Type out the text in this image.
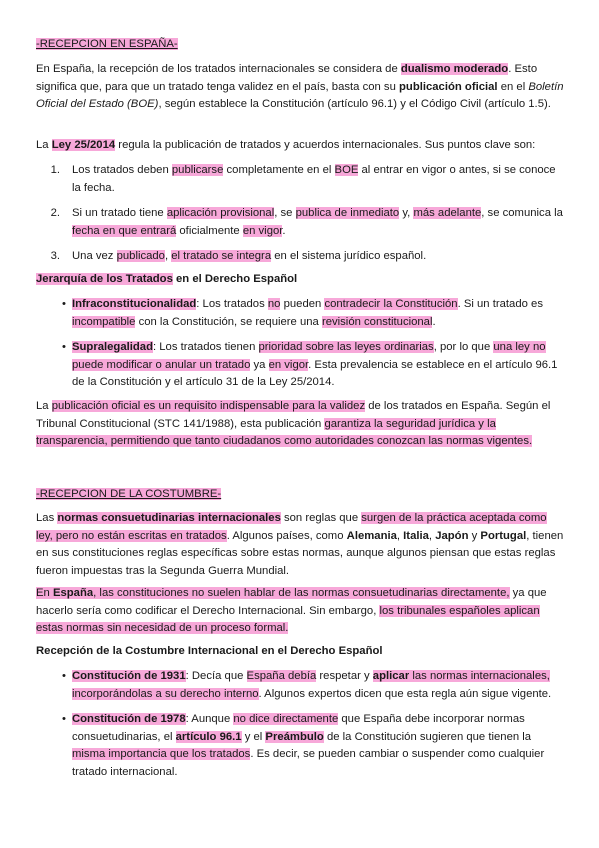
-RECEPCION EN ESPAÑA-
En España, la recepción de los tratados internacionales se considera de dualismo moderado. Esto significa que, para que un tratado tenga validez en el país, basta con su publicación oficial en el Boletín Oficial del Estado (BOE), según establece la Constitución (artículo 96.1) y el Código Civil (artículo 1.5).
La Ley 25/2014 regula la publicación de tratados y acuerdos internacionales. Sus puntos clave son:
1.	Los tratados deben publicarse completamente en el BOE al entrar en vigor o antes, si se conoce la fecha.
2.	Si un tratado tiene aplicación provisional, se publica de inmediato y, más adelante, se comunica la fecha en que entrará oficialmente en vigor.
3.	Una vez publicado, el tratado se integra en el sistema jurídico español.
Jerarquía de los Tratados en el Derecho Español
• Infraconstitucionalidad: Los tratados no pueden contradecir la Constitución. Si un tratado es incompatible con la Constitución, se requiere una revisión constitucional.
• Supralegalidad: Los tratados tienen prioridad sobre las leyes ordinarias, por lo que una ley no puede modificar o anular un tratado ya en vigor. Esta prevalencia se establece en el artículo 96.1 de la Constitución y el artículo 31 de la Ley 25/2014.
La publicación oficial es un requisito indispensable para la validez de los tratados en España. Según el Tribunal Constitucional (STC 141/1988), esta publicación garantiza la seguridad jurídica y la transparencia, permitiendo que tanto ciudadanos como autoridades conozcan las normas vigentes.
-RECEPCION DE LA COSTUMBRE-
Las normas consuetudinarias internacionales son reglas que surgen de la práctica aceptada como ley, pero no están escritas en tratados. Algunos países, como Alemania, Italia, Japón y Portugal, tienen en sus constituciones reglas específicas sobre estas normas, aunque algunos piensan que estas reglas fueron impuestas tras la Segunda Guerra Mundial.
En España, las constituciones no suelen hablar de las normas consuetudinarias directamente, ya que hacerlo sería como codificar el Derecho Internacional. Sin embargo, los tribunales españoles aplican estas normas sin necesidad de un proceso formal.
Recepción de la Costumbre Internacional en el Derecho Español
• Constitución de 1931: Decía que España debía respetar y aplicar las normas internacionales, incorporándolas a su derecho interno. Algunos expertos dicen que esta regla aún sigue vigente.
• Constitución de 1978: Aunque no dice directamente que España debe incorporar normas consuetudinarias, el artículo 96.1 y el Preámbulo de la Constitución sugieren que tienen la misma importancia que los tratados. Es decir, se pueden cambiar o suspender como cualquier tratado internacional.
